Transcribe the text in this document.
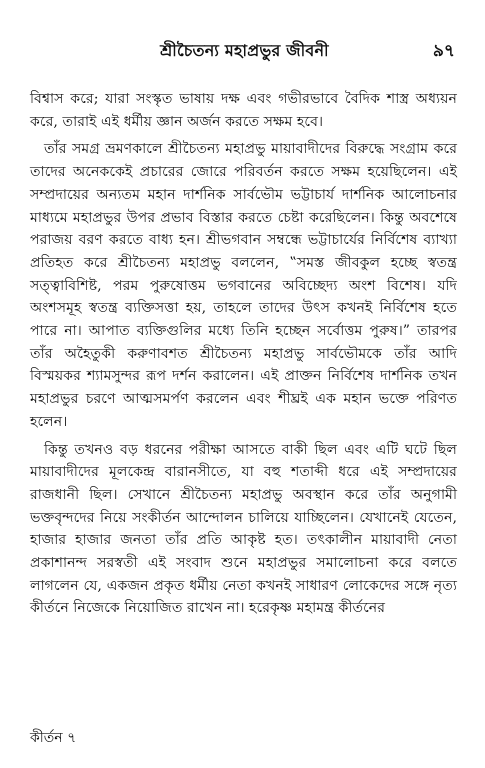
শ্রীচৈতন্য মহাপ্রভুর জীবনী	৯৭

বিশ্বাস করে; যারা সংস্কৃত ভাষায় দক্ষ এবং গভীরভাবে বৈদিক শাস্ত্র অধ্যয়ন করে, তারাই এই ধর্মীয় জ্ঞান অর্জন করতে সক্ষম হবে।

তাঁর সমগ্র ভ্রমণকালে শ্রীচৈতন্য মহাপ্রভু মায়াবাদীদের বিরুদ্ধে সংগ্রাম করে তাদের অনেককেই প্রচারের জোরে পরিবর্তন করতে সক্ষম হয়েছিলেন। এই সম্প্রদায়ের অন্যতম মহান দার্শনিক সার্বভৌম ভট্টাচার্য দার্শনিক আলোচনার মাধ্যমে মহাপ্রভুর উপর প্রভাব বিস্তার করতে চেষ্টা করেছিলেন। কিন্তু অবশেষে পরাজয় বরণ করতে বাধ্য হন। শ্রীভগবান সম্বন্ধে ভট্টাচার্যের নির্বিশেষ ব্যাখ্যা প্রতিহত করে শ্রীচৈতন্য মহাপ্রভু বললেন, ‟সমস্ত জীবকুল হচ্ছে স্বতন্ত্র সত্ত্বাবিশিষ্ট, পরম পুরুষোত্তম ভগবানের অবিচ্ছেদ্য অংশ বিশেষ। যদি অংশসমূহ স্বতন্ত্র ব্যক্তিসত্তা হয়, তাহলে তাদের উৎস কখনই নির্বিশেষ হতে পারে না। আপাত ব্যক্তিগুলির মধ্যে তিনি হচ্ছেন সর্বোত্তম পুরুষ।” তারপর তাঁর অহৈতুকী করুণাবশত শ্রীচৈতন্য মহাপ্রভু সার্বভৌমকে তাঁর আদি বিস্ময়কর শ্যামসুন্দর রূপ দর্শন করালেন। এই প্রাক্তন নির্বিশেষ দার্শনিক তখন মহাপ্রভুর চরণে আত্মসমর্পণ করলেন এবং শীঘ্রই এক মহান ভক্তে পরিণত হলেন।

কিন্তু তখনও বড় ধরনের পরীক্ষা আসতে বাকী ছিল এবং এটি ঘটে ছিল মায়াবাদীদের মূলকেন্দ্র বারানসীতে, যা বহু শতাব্দী ধরে এই সম্প্রদায়ের রাজধানী ছিল। সেখানে শ্রীচৈতন্য মহাপ্রভু অবস্থান করে তাঁর অনুগামী ভক্তবৃন্দদের নিয়ে সংকীর্তন আন্দোলন চালিয়ে যাচ্ছিলেন। যেখানেই যেতেন, হাজার হাজার জনতা তাঁর প্রতি আকৃষ্ট হত। তৎকালীন মায়াবাদী নেতা প্রকাশানন্দ সরস্বতী এই সংবাদ শুনে মহাপ্রভুর সমালোচনা করে বলতে লাগলেন যে, একজন প্রকৃত ধর্মীয় নেতা কখনই সাধারণ লোকেদের সঙ্গে নৃত্য কীর্তনে নিজেকে নিয়োজিত রাখেন না। হরেকৃষ্ণ মহামন্ত্র কীর্তনের

কীর্তন ৭
